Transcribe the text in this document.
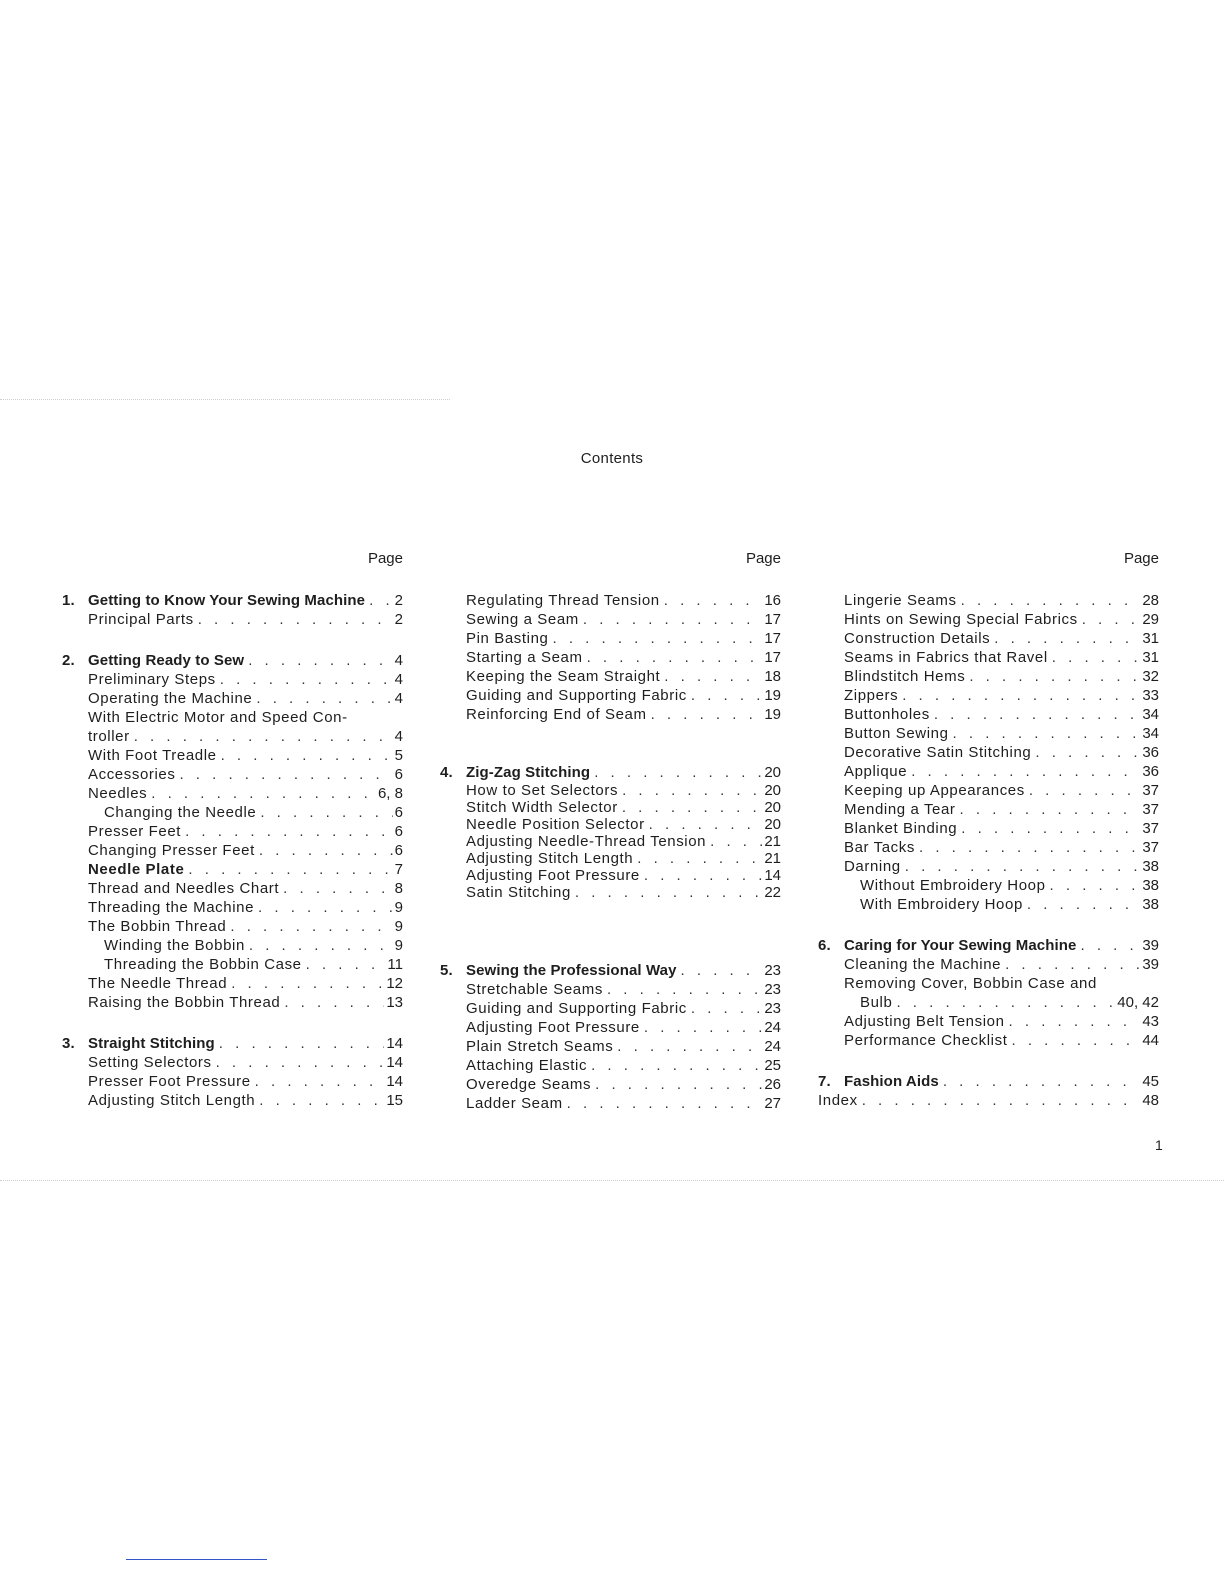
Contents
Page
1. Getting to Know Your Sewing Machine . . . 2
Principal Parts . . .	2
2. Getting Ready to Sew . . .	4
Preliminary Steps . . .	4
Operating the Machine . . .	4
With Electric Motor and Speed Con-
troller . . .	4
With Foot Treadle . . .	5
Accessories . . .	6
Needles . . .	6, 8
Changing the Needle . . .	6
Presser Feet . . .	6
Changing Presser Feet . . .	6
Needle Plate . . .	7
Thread and Needles Chart . . .	8
Threading the Machine . . .	9
The Bobbin Thread . . .	9
Winding the Bobbin . . .	9
Threading the Bobbin Case . . .	11
The Needle Thread . . .	12
Raising the Bobbin Thread . . .	13
3. Straight Stitching . . .	14
Setting Selectors . . .	14
Presser Foot Pressure . . .	14
Adjusting Stitch Length . . .	15
Page
Regulating Thread Tension . . .	16
Sewing a Seam . . .	17
Pin Basting . . .	17
Starting a Seam . . .	17
Keeping the Seam Straight . . .	18
Guiding and Supporting Fabric . . .	19
Reinforcing End of Seam . . .	19
4. Zig-Zag Stitching . . .	20
How to Set Selectors . . .	20
Stitch Width Selector . . .	20
Needle Position Selector . . .	20
Adjusting Needle-Thread Tension . . .	21
Adjusting Stitch Length . . .	21
Adjusting Foot Pressure . . .	14
Satin Stitching . . .	22
5. Sewing the Professional Way . . .	23
Stretchable Seams . . .	23
Guiding and Supporting Fabric . . .	23
Adjusting Foot Pressure . . .	24
Plain Stretch Seams . . .	24
Attaching Elastic . . .	25
Overedge Seams . . .	26
Ladder Seam . . .	27
Page
Lingerie Seams . . .	28
Hints on Sewing Special Fabrics . . .	29
Construction Details . . .	31
Seams in Fabrics that Ravel . . .	31
Blindstitch Hems . . .	32
Zippers . . .	33
Buttonholes . . .	34
Button Sewing . . .	34
Decorative Satin Stitching . . .	36
Applique . . .	36
Keeping up Appearances . . .	37
Mending a Tear . . .	37
Blanket Binding . . .	37
Bar Tacks . . .	37
Darning . . .	38
Without Embroidery Hoop . . .	38
With Embroidery Hoop . . .	38
6. Caring for Your Sewing Machine . . .	39
Cleaning the Machine . . .	39
Removing Cover, Bobbin Case and
Bulb . . .	40, 42
Adjusting Belt Tension . . .	43
Performance Checklist . . .	44
7. Fashion Aids . . .	45
Index . . .	48
1
